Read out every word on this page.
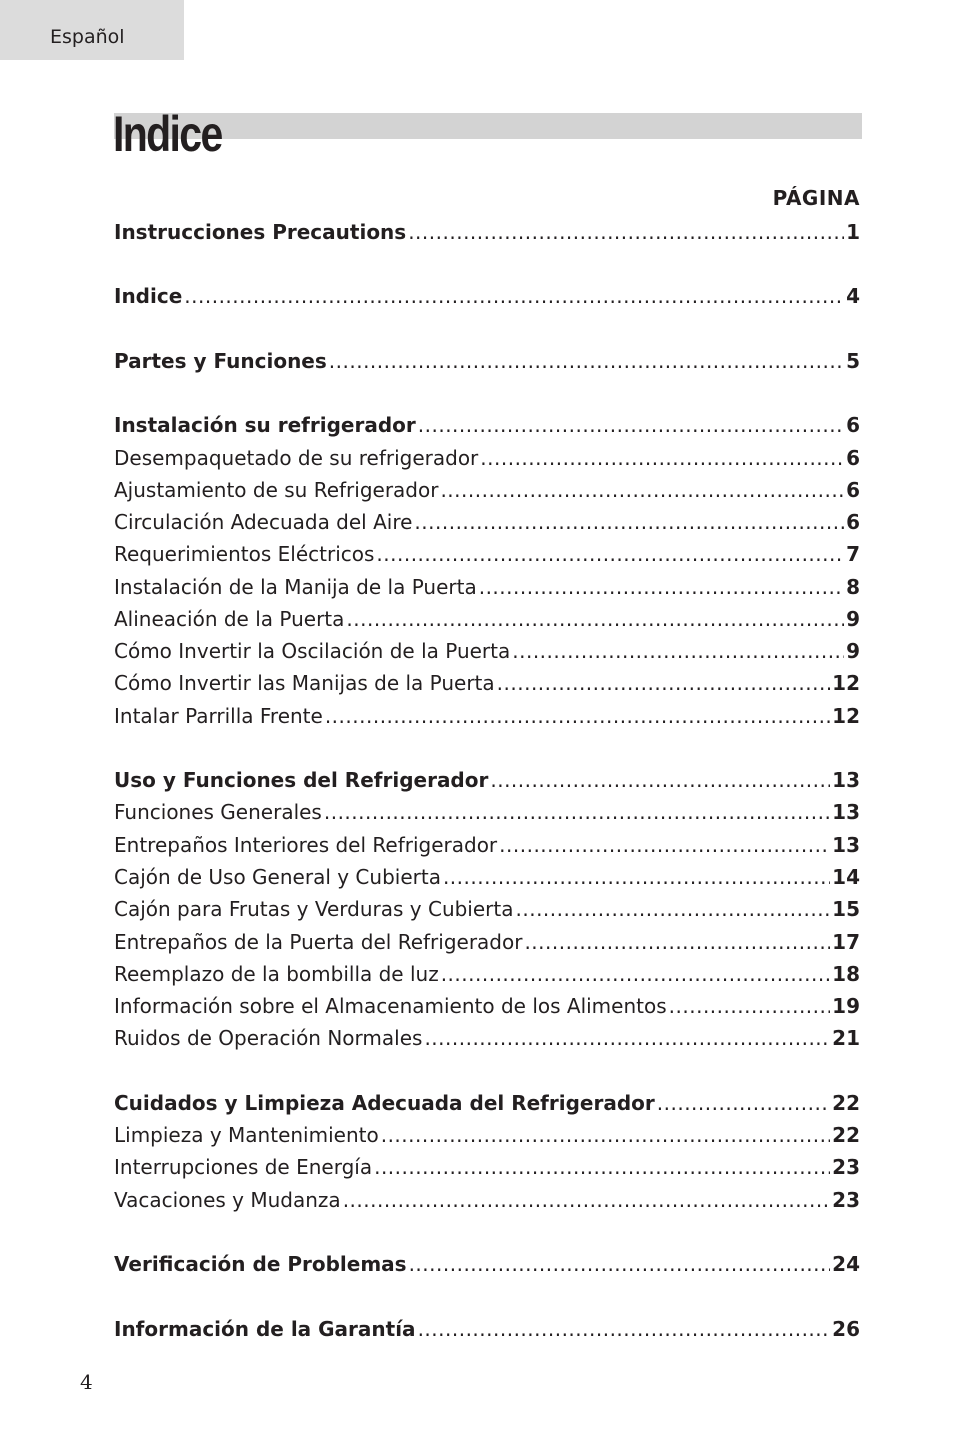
Español
Indice
PÁGINA
Instrucciones Precautions .....	1
Indice .....	4
Partes y Funciones .....	5
Instalación su refrigerador .....	6
Desempaquetado de su refrigerador .....	6
Ajustamiento de su Refrigerador .....	6
Circulación Adecuada del Aire .....	6
Requerimientos Eléctricos .....	7
Instalación de la Manija de la Puerta .....	8
Alineación de la Puerta .....	9
Cómo Invertir la Oscilación de la Puerta .....	9
Cómo Invertir las Manijas de la Puerta .....	12
Intalar Parrilla Frente .....	12
Uso y Funciones del Refrigerador .....	13
Funciones Generales .....	13
Entrepaños Interiores del Refrigerador .....	13
Cajón de Uso General y Cubierta .....	14
Cajón para Frutas y Verduras y Cubierta .....	15
Entrepaños de la Puerta del Refrigerador .....	17
Reemplazo de la bombilla de luz .....	18
Información sobre el Almacenamiento de los Alimentos .....	19
Ruidos de Operación Normales .....	21
Cuidados y Limpieza Adecuada del Refrigerador .....	22
Limpieza y Mantenimiento .....	22
Interrupciones de Energía .....	23
Vacaciones y Mudanza .....	23
Verificación de Problemas .....	24
Información de la Garantía .....	26
4
